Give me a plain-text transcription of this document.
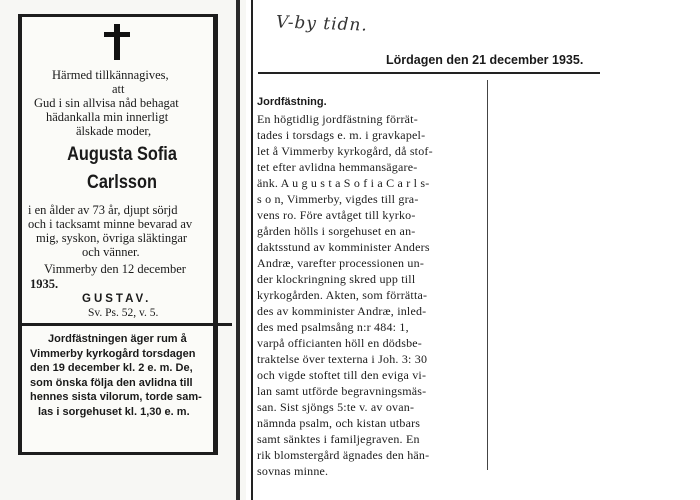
Härmed tillkännagives,
att
Gud i sin allvisa nåd behagat
hädankalla min innerligt
älskade moder,
Augusta Sofia
Carlsson
i en ålder av 73 år, djupt sörjd
och i tacksamt minne bevarad av
mig, syskon, övriga släktingar
och vänner.
Vimmerby den 12 december
1935.
GUSTAV.
Sv. Ps. 52, v. 5.
Jordfästningen äger rum å
Vimmerby kyrkogård torsdagen
den 19 december kl. 2 e. m. De,
som önska följa den avlidna till
hennes sista vilorum, torde sam-
las i sorgehuset kl. 1,30 e. m.
V-by tidn.
Lördagen den 21 december 1935.
Jordfästning.
En högtidlig jordfästning förrät-
tades i torsdags e. m. i gravkapel-
let å Vimmerby kyrkogård, då stof-
tet efter avlidna hemmansägare-
änk. A u g u s t a S o f i a C a r l s-
s o n, Vimmerby, vigdes till gra-
vens ro. Före avtåget till kyrko-
gården hölls i sorgehuset en an-
daktsstund av komminister Anders
Andræ, varefter processionen un-
der klockringning skred upp till
kyrkogården. Akten, som förrätta-
des av komminister Andræ, inled-
des med psalmsång n:r 484: 1,
varpå officianten höll en dödsbe-
traktelse över texterna i Joh. 3: 30
och vigde stoftet till den eviga vi-
lan samt utförde begravningsmäs-
san. Sist sjöngs 5:te v. av ovan-
nämnda psalm, och kistan utbars
samt sänktes i familjegraven. En
rik blomstergård ägnades den hän-
sovnas minne.
